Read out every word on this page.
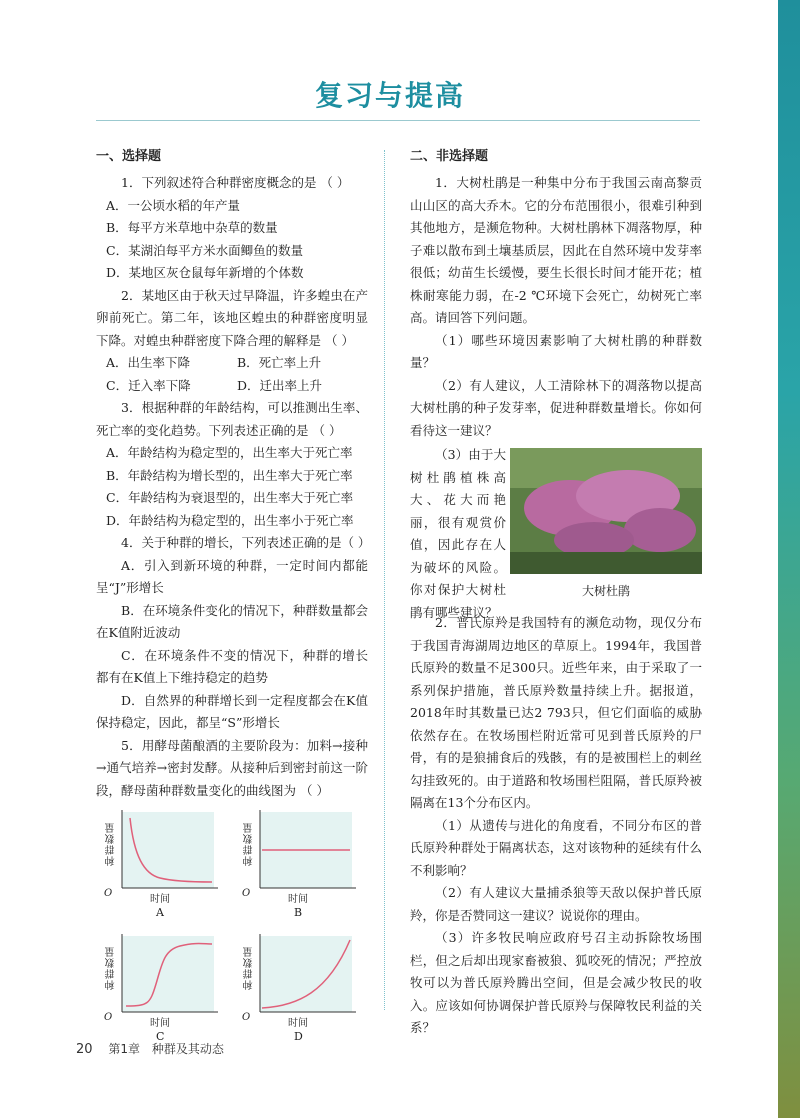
复习与提高
一、选择题

1．下列叙述符合种群密度概念的是 （ ）

A．一公顷水稻的年产量

B．每平方米草地中杂草的数量

C．某湖泊每平方米水面鲫鱼的数量

D．某地区灰仓鼠每年新增的个体数

2．某地区由于秋天过早降温，许多蝗虫在产卵前死亡。第二年，该地区蝗虫的种群密度明显下降。对蝗虫种群密度下降合理的解释是 （ ）

A．出生率下降	B．死亡率上升
C．迁入率下降	D．迁出率上升

3．根据种群的年龄结构，可以推测出生率、死亡率的变化趋势。下列表述正确的是 （ ）

A．年龄结构为稳定型的，出生率大于死亡率

B．年龄结构为增长型的，出生率大于死亡率

C．年龄结构为衰退型的，出生率大于死亡率

D．年龄结构为稳定型的，出生率小于死亡率

4．关于种群的增长，下列表述正确的是（ ）

A．引入到新环境的种群，一定时间内都能呈“J”形增长

B．在环境条件变化的情况下，种群数量都会在K值附近波动

C．在环境条件不变的情况下，种群的增长都有在K值上下维持稳定的趋势

D．自然界的种群增长到一定程度都会在K值保持稳定，因此，都呈“S”形增长

5．用酵母菌酿酒的主要阶段为：加料→接种→通气培养→密封发酵。从接种后到密封前这一阶段，酵母菌种群数量变化的曲线图为 （ ）

种群数量
O
时间
A
种群数量
O
时间
B
种群数量
O
时间
C
种群数量
O
时间
D
二、非选择题

1．大树杜鹃是一种集中分布于我国云南高黎贡山山区的高大乔木。它的分布范围很小，很难引种到其他地方，是濒危物种。大树杜鹃林下凋落物厚，种子难以散布到土壤基质层，因此在自然环境中发芽率很低；幼苗生长缓慢，要生长很长时间才能开花；植株耐寒能力弱，在-2 ℃环境下会死亡，幼树死亡率高。请回答下列问题。

（1）哪些环境因素影响了大树杜鹃的种群数量？

（2）有人建议，人工清除林下的凋落物以提高大树杜鹃的种子发芽率，促进种群数量增长。你如何看待这一建议？

（3）由于大树杜鹃植株高大、花大而艳丽，很有观赏价值，因此存在人为破坏的风险。你对保护大树杜鹃有哪些建议？

大树杜鹃

2．普氏原羚是我国特有的濒危动物，现仅分布于我国青海湖周边地区的草原上。1994年，我国普氏原羚的数量不足300只。近些年来，由于采取了一系列保护措施，普氏原羚数量持续上升。据报道，2018年时其数量已达2 793只，但它们面临的威胁依然存在。在牧场围栏附近常可见到普氏原羚的尸骨，有的是狼捕食后的残骸，有的是被围栏上的刺丝勾挂致死的。由于道路和牧场围栏阻隔，普氏原羚被隔离在13个分布区内。

（1）从遗传与进化的角度看，不同分布区的普氏原羚种群处于隔离状态，这对该物种的延续有什么不利影响？

（2）有人建议大量捕杀狼等天敌以保护普氏原羚，你是否赞同这一建议？说说你的理由。

（3）许多牧民响应政府号召主动拆除牧场围栏，但之后却出现家畜被狼、狐咬死的情况；严控放牧可以为普氏原羚腾出空间，但是会减少牧民的收入。应该如何协调保护普氏原羚与保障牧民利益的关系？

20 第1章 种群及其动态
